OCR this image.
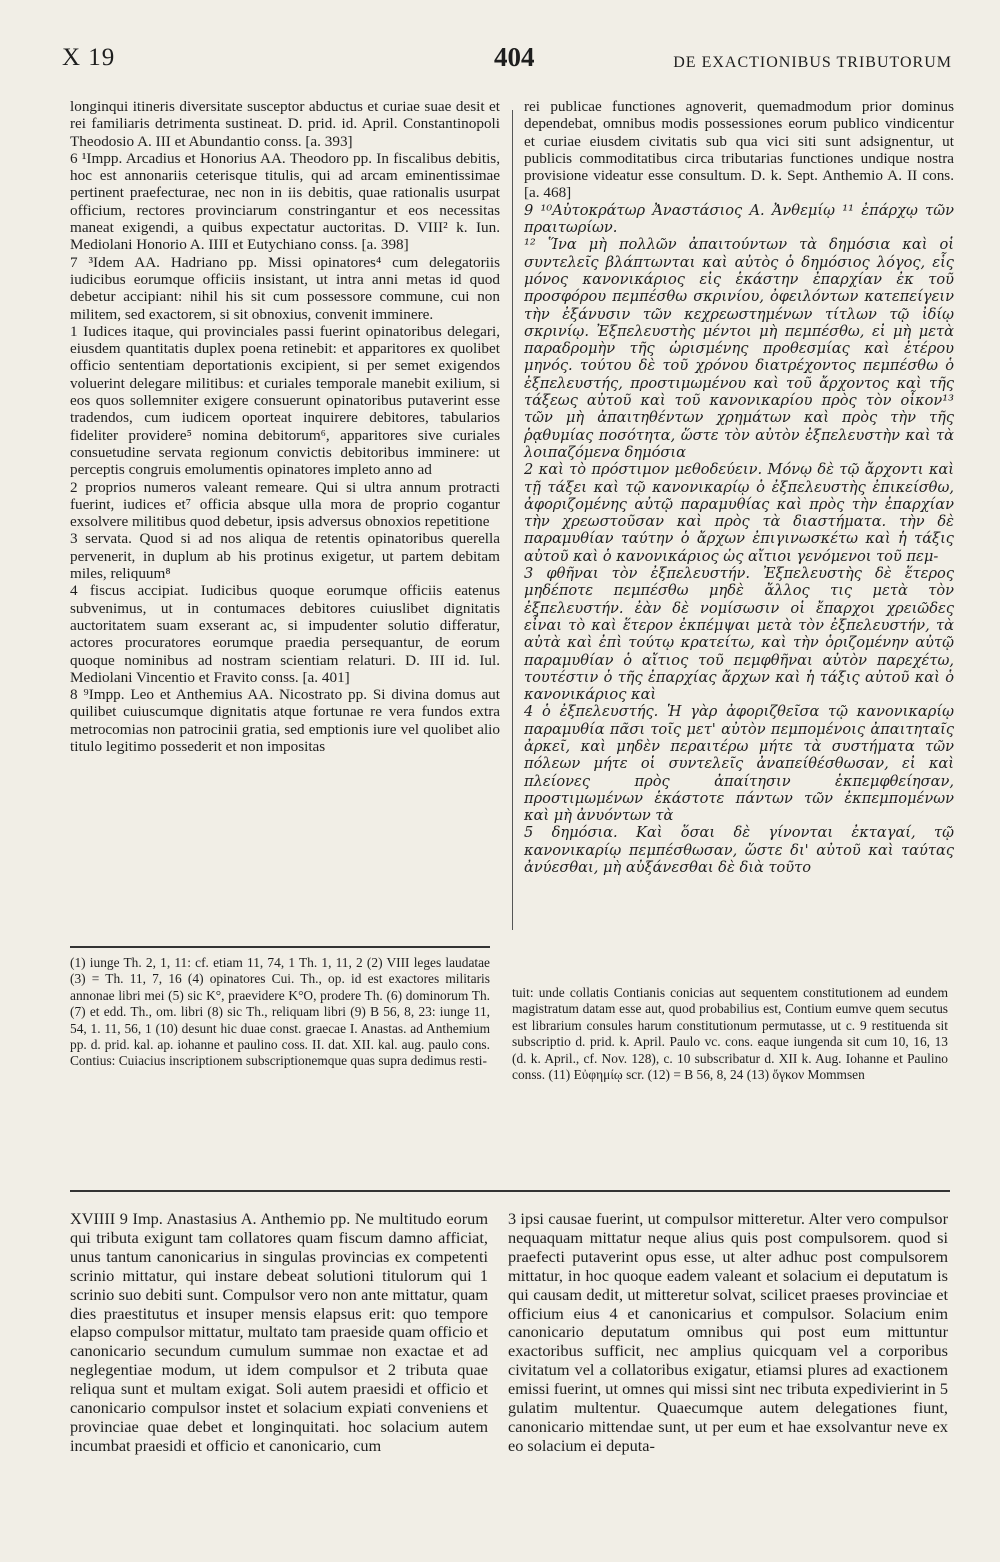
X 19	404	DE EXACTIONIBUS TRIBUTORUM

longinqui itineris diversitate susceptor abductus et curiae suae desit et rei familiaris detrimenta sustineat. D. prid. id. April. Constantinopoli Theodosio A. III et Abundantio conss. [a. 393]

6 ¹Impp. Arcadius et Honorius AA. Theodoro pp. In fiscalibus debitis, hoc est annonariis ceterisque titulis, qui ad arcam eminentissimae pertinent praefecturae, nec non in iis debitis, quae rationalis usurpat officium, rectores provinciarum constringantur et eos necessitas maneat exigendi, a quibus expectatur auctoritas. D. VIII² k. Iun. Mediolani Honorio A. IIII et Eutychiano conss. [a. 398]

7 ³Idem AA. Hadriano pp. Missi opinatores⁴ cum delegatoriis iudicibus eorumque officiis insistant, ut intra anni metas id quod debetur accipiant: nihil his sit cum possessore commune, cui non militem, sed exactorem, si sit obnoxius, convenit imminere.

1 Iudices itaque, qui provinciales passi fuerint opinatoribus delegari, eiusdem quantitatis duplex poena retinebit: et apparitores ex quolibet officio sententiam deportationis excipient, si per semet exigendos voluerint delegare militibus: et curiales temporale manebit exilium, si eos quos sollemniter exigere consuerunt opinatoribus putaverint esse tradendos, cum iudicem oporteat inquirere debitores, tabularios fideliter providere⁵ nomina debitorum⁶, apparitores sive curiales consuetudine servata regionum convictis debitoribus imminere: ut perceptis congruis emolumentis opinatores impleto anno ad

2 proprios numeros valeant remeare. Qui si ultra annum protracti fuerint, iudices et⁷ officia absque ulla mora de proprio cogantur exsolvere militibus quod debetur, ipsis adversus obnoxios repetitione

3 servata. Quod si ad nos aliqua de retentis opinatoribus querella pervenerit, in duplum ab his protinus exigetur, ut partem debitam miles, reliquum⁸

4 fiscus accipiat. Iudicibus quoque eorumque officiis eatenus subvenimus, ut in contumaces debitores cuiuslibet dignitatis auctoritatem suam exserant ac, si impudenter solutio differatur, actores procuratores eorumque praedia persequantur, de eorum quoque nominibus ad nostram scientiam relaturi. D. III id. Iul. Mediolani Vincentio et Fravito conss. [a. 401]

8 ⁹Impp. Leo et Anthemius AA. Nicostrato pp. Si divina domus aut quilibet cuiuscumque dignitatis atque fortunae re vera fundos extra metrocomias non patrocinii gratia, sed emptionis iure vel quolibet alio titulo legitimo possederit et non impositas

rei publicae functiones agnoverit, quemadmodum prior dominus dependebat, omnibus modis possessiones eorum publico vindicentur et curiae eiusdem civitatis sub qua vici siti sunt adsignentur, ut publicis commoditatibus circa tributarias functiones undique nostra provisione videatur esse consultum. D. k. Sept. Anthemio A. II cons. [a. 468]

9 ¹⁰Αὐτοκράτωρ Ἀναστάσιος Α. Ἀνθεμίῳ ¹¹ ἐπάρχῳ τῶν πραιτωρίων.

¹² Ἵνα μὴ πολλῶν ἀπαιτούντων τὰ δημόσια καὶ οἱ συντελεῖς βλάπτωνται καὶ αὐτὸς ὁ δημόσιος λόγος, εἷς μόνος κανονικάριος εἰς ἑκάστην ἐπαρχίαν ἐκ τοῦ προσφόρου πεμπέσθω σκρινίου, ὀφειλόντων κατεπείγειν τὴν ἐξάνυσιν τῶν κεχρεωστημένων τίτλων τῷ ἰδίῳ σκρινίῳ. Ἐξπελευστὴς μέντοι μὴ πεμπέσθω, εἰ μὴ μετὰ παραδρομὴν τῆς ὡρισμένης προθεσμίας καὶ ἑτέρου μηνός. τούτου δὲ τοῦ χρόνου διατρέχοντος πεμπέσθω ὁ ἐξπελευστής, προστιμωμένου καὶ τοῦ ἄρχοντος καὶ τῆς τάξεως αὐτοῦ καὶ τοῦ κανονικαρίου πρὸς τὸν οἶκον¹³ τῶν μὴ ἀπαιτηθέντων χρημάτων καὶ πρὸς τὴν τῆς ῥᾳθυμίας ποσότητα, ὥστε τὸν αὐτὸν ἐξπελευστὴν καὶ τὰ λοιπαζόμενα δημόσια

2 καὶ τὸ πρόστιμον μεθοδεύειν. Μόνῳ δὲ τῷ ἄρχοντι καὶ τῇ τάξει καὶ τῷ κανονικαρίῳ ὁ ἐξπελευστὴς ἐπικείσθω, ἀφοριζομένης αὐτῷ παραμυθίας καὶ πρὸς τὴν ἐπαρχίαν τὴν χρεωστοῦσαν καὶ πρὸς τὰ διαστήματα. τὴν δὲ παραμυθίαν ταύτην ὁ ἄρχων ἐπιγινωσκέτω καὶ ἡ τάξις αὐτοῦ καὶ ὁ κανονικάριος ὡς αἴτιοι γενόμενοι τοῦ πεμ-

3 φθῆναι τὸν ἐξπελευστήν. Ἐξπελευστὴς δὲ ἕτερος μηδέποτε πεμπέσθω μηδὲ ἄλλος τις μετὰ τὸν ἐξπελευστήν. ἐὰν δὲ νομίσωσιν οἱ ἔπαρχοι χρειῶδες εἶναι τὸ καὶ ἕτερον ἐκπέμψαι μετὰ τὸν ἐξπελευστήν, τὰ αὐτὰ καὶ ἐπὶ τούτῳ κρατείτω, καὶ τὴν ὁριζομένην αὐτῷ παραμυθίαν ὁ αἴτιος τοῦ πεμφθῆναι αὐτὸν παρεχέτω, τουτέστιν ὁ τῆς ἐπαρχίας ἄρχων καὶ ἡ τάξις αὐτοῦ καὶ ὁ κανονικάριος καὶ

4 ὁ ἐξπελευστής. Ἡ γὰρ ἀφοριζθεῖσα τῷ κανονικαρίῳ παραμυθία πᾶσι τοῖς μετ' αὐτὸν πεμπομένοις ἀπαιτηταῖς ἀρκεῖ, καὶ μηδὲν περαιτέρω μήτε τὰ συστήματα τῶν πόλεων μήτε οἱ συντελεῖς ἀναπείθέσθωσαν, εἰ καὶ πλείονες πρὸς ἀπαίτησιν ἐκπεμφθείησαν, προστιμωμένων ἑκάστοτε πάντων τῶν ἐκπεμπομένων καὶ μὴ ἀνυόντων τὰ

5 δημόσια. Καὶ ὅσαι δὲ γίνονται ἐκταγαί, τῷ κανονικαρίῳ πεμπέσθωσαν, ὥστε δι' αὐτοῦ καὶ ταύτας ἀνύεσθαι, μὴ αὐξάνεσθαι δὲ διὰ τοῦτο

(1) iunge Th. 2, 1, 11: cf. etiam 11, 74, 1 Th. 1, 11, 2 (2) VIII leges laudatae (3) = Th. 11, 7, 16 (4) opinatores Cui. Th., op. id est exactores militaris annonae libri mei (5) sic K°, praevidere K°O, prodere Th. (6) dominorum Th. (7) et edd. Th., om. libri (8) sic Th., reliquam libri (9) B 56, 8, 23: iunge 11, 54, 1. 11, 56, 1 (10) desunt hic duae const. graecae I. Anastas. ad Anthemium pp. d. prid. kal. ap. iohanne et paulino coss. II. dat. XII. kal. aug. paulo cons. Contius: Cuiacius inscriptionem subscriptionemque quas supra dedimus resti-
tuit: unde collatis Contianis conicias aut sequentem constitutionem ad eundem magistratum datam esse aut, quod probabilius est, Contium eumve quem secutus est librarium consules harum constitutionum permutasse, ut c. 9 restituenda sit subscriptio d. prid. k. April. Paulo vc. cons. eaque iungenda sit cum 10, 16, 13 (d. k. April., cf. Nov. 128), c. 10 subscribatur d. XII k. Aug. Iohanne et Paulino conss. (11) Εὐφημίῳ scr. (12) = B 56, 8, 24 (13) ὄγκον Mommsen
XVIIII 9 Imp. Anastasius A. Anthemio pp. Ne multitudo eorum qui tributa exigunt tam collatores quam fiscum damno afficiat, unus tantum canonicarius in singulas provincias ex competenti scrinio mittatur, qui instare debeat solutioni titulorum qui 1 scrinio suo debiti sunt. Compulsor vero non ante mittatur, quam dies praestitutus et insuper mensis elapsus erit: quo tempore elapso compulsor mittatur, multato tam praeside quam officio et canonicario secundum cumulum summae non exactae et ad neglegentiae modum, ut idem compulsor et 2 tributa quae reliqua sunt et multam exigat. Soli autem praesidi et officio et canonicario compulsor instet et solacium expiati conveniens et provinciae quae debet et longinquitati. hoc solacium autem incumbat praesidi et officio et canonicario, cum
3 ipsi causae fuerint, ut compulsor mitteretur. Alter vero compulsor nequaquam mittatur neque alius quis post compulsorem. quod si praefecti putaverint opus esse, ut alter adhuc post compulsorem mittatur, in hoc quoque eadem valeant et solacium ei deputatum is qui causam dedit, ut mitteretur solvat, scilicet praeses provinciae et officium eius 4 et canonicarius et compulsor. Solacium enim canonicario deputatum omnibus qui post eum mittuntur exactoribus sufficit, nec amplius quicquam vel a corporibus civitatum vel a collatoribus exigatur, etiamsi plures ad exactionem emissi fuerint, ut omnes qui missi sint nec tributa expedivierint in 5 gulatim multentur. Quaecumque autem delegationes fiunt, canonicario mittendae sunt, ut per eum et hae exsolvantur neve ex eo solacium ei deputa-
